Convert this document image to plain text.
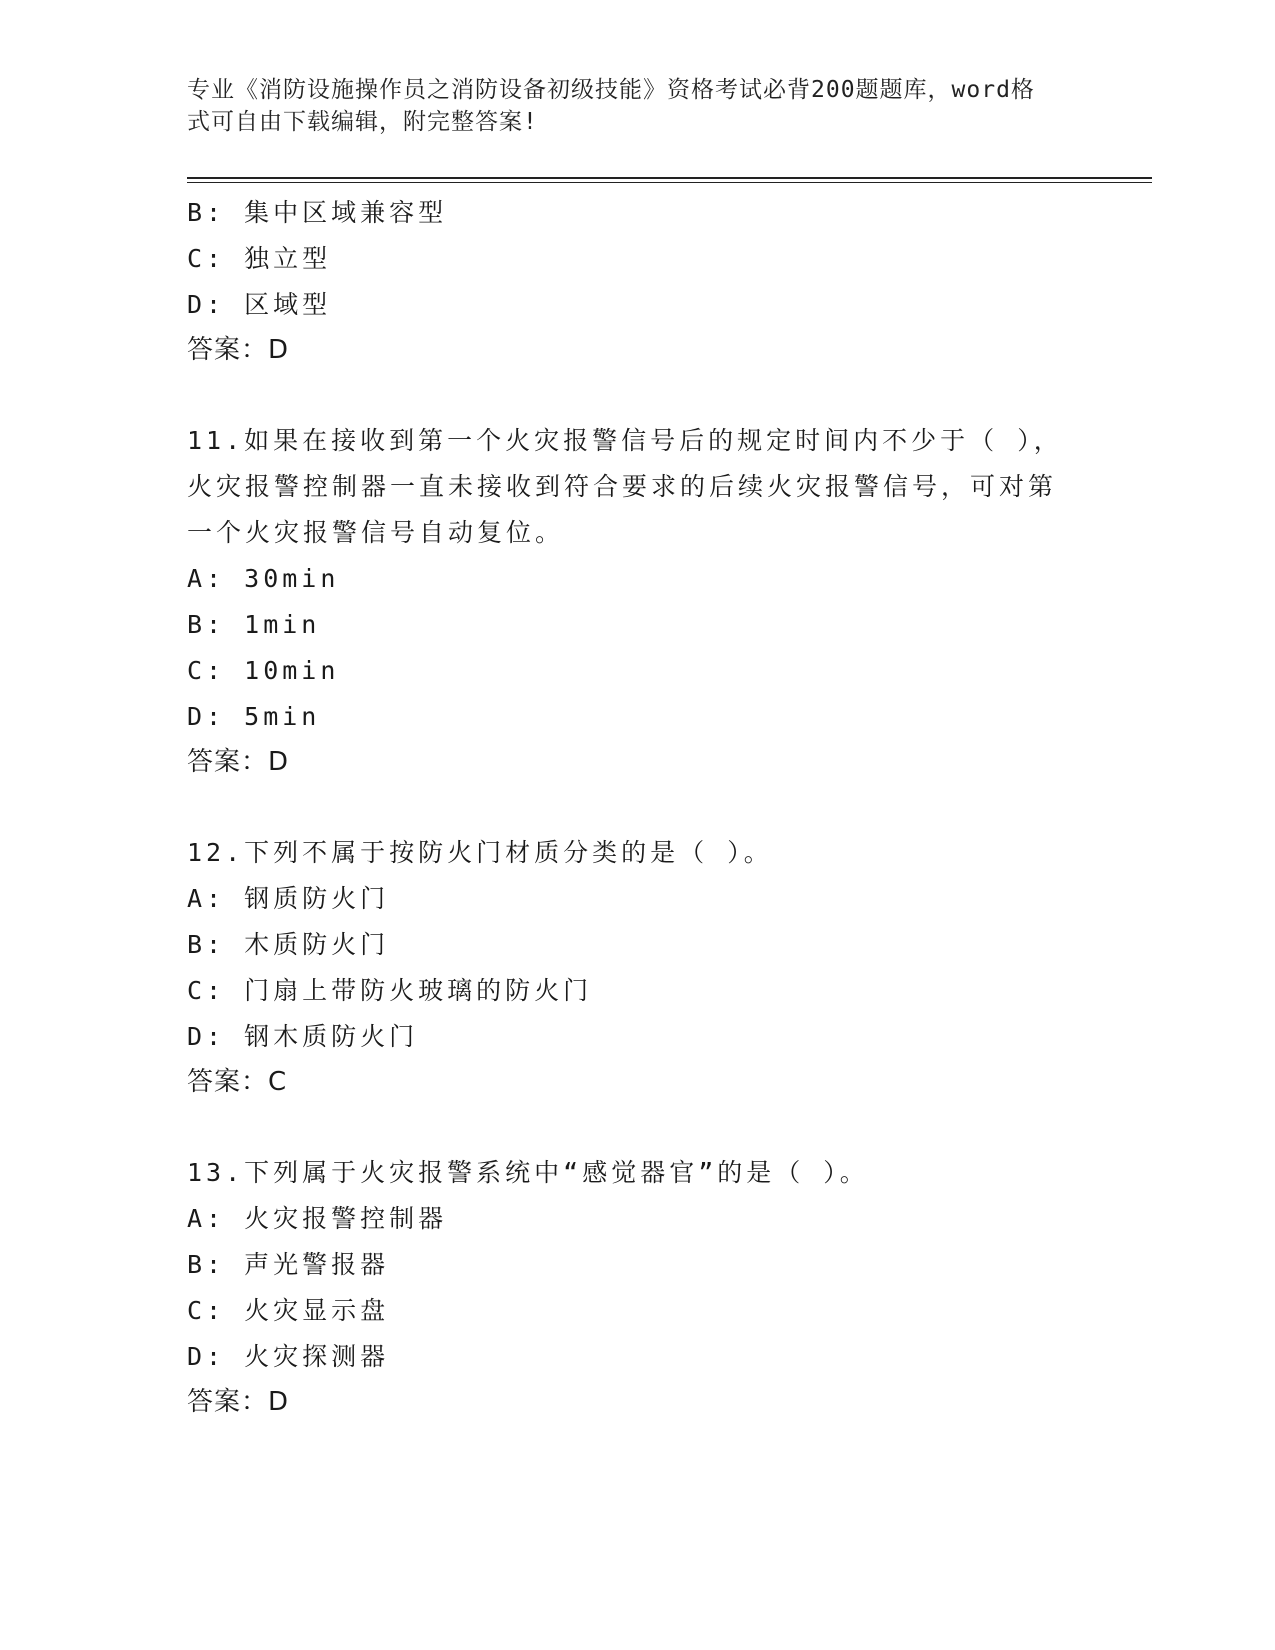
专业《消防设施操作员之消防设备初级技能》资格考试必背200题题库，word格
式可自由下载编辑，附完整答案!
B: 集中区域兼容型
C: 独立型
D: 区域型
答案：D
11.如果在接收到第一个火灾报警信号后的规定时间内不少于（ ），
火灾报警控制器一直未接收到符合要求的后续火灾报警信号，可对第
一个火灾报警信号自动复位。
A: 30min
B: 1min
C: 10min
D: 5min
答案：D
12.下列不属于按防火门材质分类的是（ ）。
A: 钢质防火门
B: 木质防火门
C: 门扇上带防火玻璃的防火门
D: 钢木质防火门
答案：C
13.下列属于火灾报警系统中“感觉器官”的是（ ）。
A: 火灾报警控制器
B: 声光警报器
C: 火灾显示盘
D: 火灾探测器
答案：D
